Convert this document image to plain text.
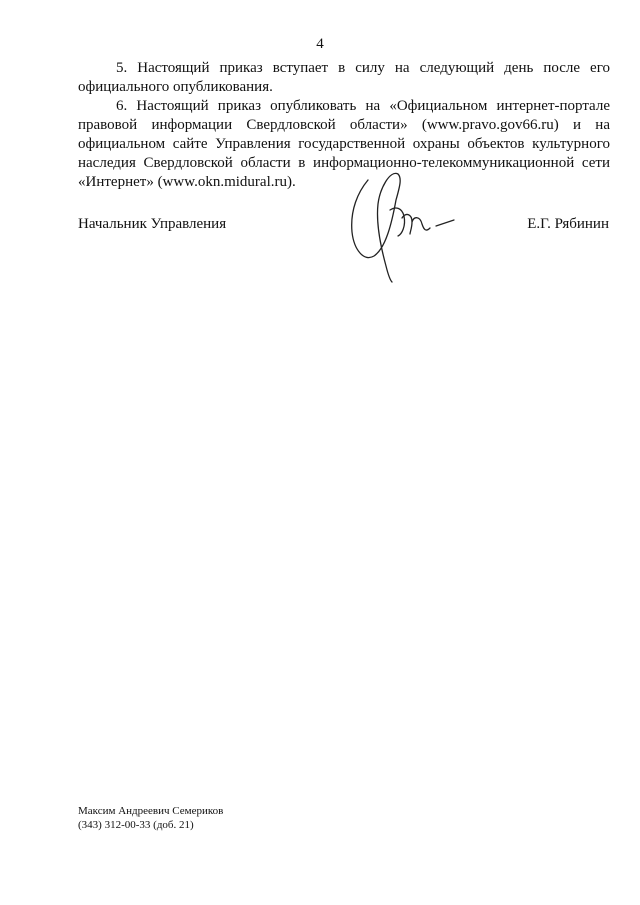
4

5. Настоящий приказ вступает в силу на следующий день после его официального опубликования.

6. Настоящий приказ опубликовать на «Официальном интернет-портале правовой информации Свердловской области» (www.pravo.gov66.ru) и на официальном сайте Управления государственной охраны объектов культурного наследия Свердловской области в информационно-телекоммуникационной сети «Интернет» (www.okn.midural.ru).

Начальник Управления	Е.Г. Рябинин
Максим Андреевич Семериков
(343) 312-00-33 (доб. 21)
